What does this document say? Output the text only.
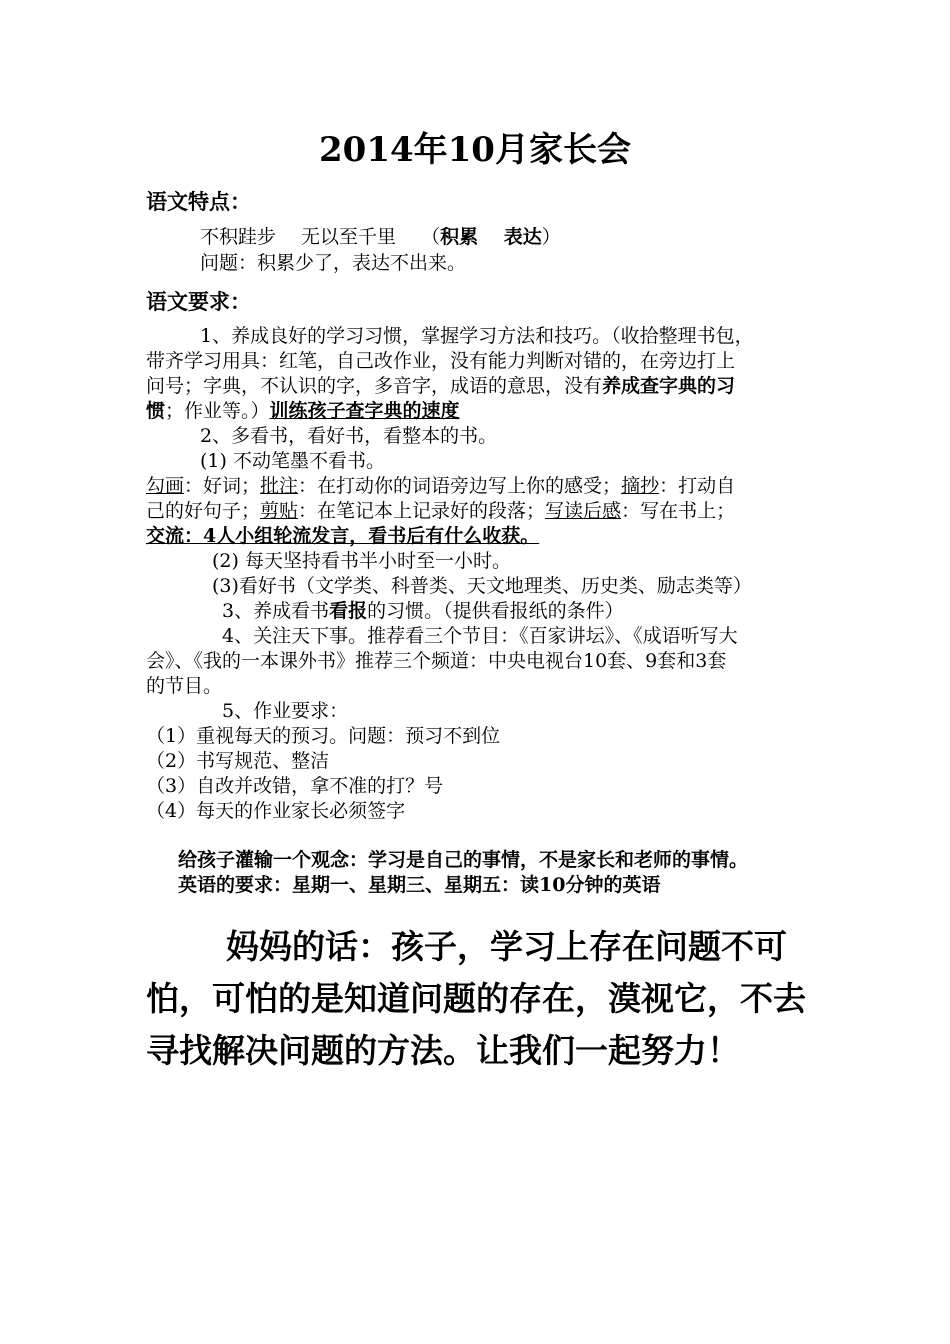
2014年10月家长会
语文特点：
不积跬步　 无以至千里　 （积累　 表达）
问题：积累少了，表达不出来。
语文要求：
1、养成良好的学习习惯，掌握学习方法和技巧。（收拾整理书包，
带齐学习用具：红笔，自己改作业，没有能力判断对错的，在旁边打上
问号；字典，不认识的字，多音字，成语的意思，没有养成查字典的习
惯；作业等。）训练孩子查字典的速度
2、多看书，看好书，看整本的书。
(1) 不动笔墨不看书。
勾画：好词；批注：在打动你的词语旁边写上你的感受；摘抄：打动自
己的好句子；剪贴：在笔记本上记录好的段落；写读后感：写在书上；
交流：4人小组轮流发言，看书后有什么收获。
(2) 每天坚持看书半小时至一小时。
(3)看好书（文学类、科普类、天文地理类、历史类、励志类等）
3、养成看书看报的习惯。（提供看报纸的条件）
4、关注天下事。推荐看三个节目：《百家讲坛》、《成语听写大
会》、《我的一本课外书》推荐三个频道：中央电视台10套、9套和3套
的节目。
5、作业要求：
（1）重视每天的预习。问题：预习不到位
（2）书写规范、整洁
（3）自改并改错，拿不准的打？号
（4）每天的作业家长必须签字
给孩子灌输一个观念：学习是自己的事情，不是家长和老师的事情。
英语的要求：星期一、星期三、星期五：读10分钟的英语
妈妈的话：孩子，学习上存在问题不可
怕，可怕的是知道问题的存在，漠视它，不去
寻找解决问题的方法。让我们一起努力！
